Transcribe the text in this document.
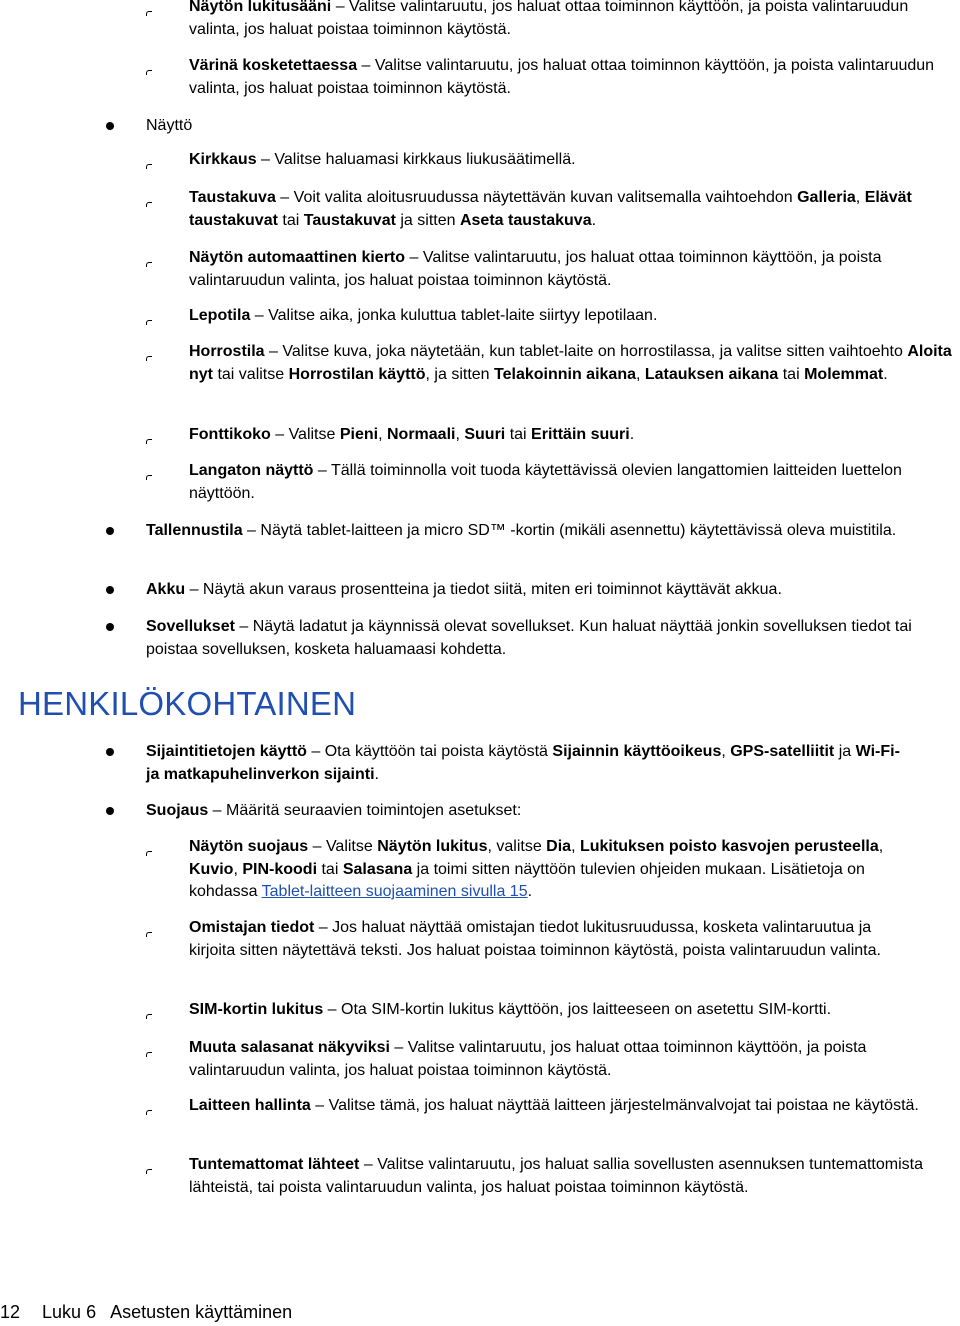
Näytön lukitusääni – Valitse valintaruutu, jos haluat ottaa toiminnon käyttöön, ja poista valintaruudun valinta, jos haluat poistaa toiminnon käytöstä.

Värinä kosketettaessa – Valitse valintaruutu, jos haluat ottaa toiminnon käyttöön, ja poista valintaruudun valinta, jos haluat poistaa toiminnon käytöstä.

Näyttö

Kirkkaus – Valitse haluamasi kirkkaus liukusäätimellä.

Taustakuva – Voit valita aloitusruudussa näytettävän kuvan valitsemalla vaihtoehdon Galleria, Elävät taustakuvat tai Taustakuvat ja sitten Aseta taustakuva.

Näytön automaattinen kierto – Valitse valintaruutu, jos haluat ottaa toiminnon käyttöön, ja poista valintaruudun valinta, jos haluat poistaa toiminnon käytöstä.

Lepotila – Valitse aika, jonka kuluttua tablet-laite siirtyy lepotilaan.

Horrostila – Valitse kuva, joka näytetään, kun tablet-laite on horrostilassa, ja valitse sitten vaihtoehto Aloita nyt tai valitse Horrostilan käyttö, ja sitten Telakoinnin aikana, Latauksen aikana tai Molemmat.

Fonttikoko – Valitse Pieni, Normaali, Suuri tai Erittäin suuri.

Langaton näyttö – Tällä toiminnolla voit tuoda käytettävissä olevien langattomien laitteiden luettelon näyttöön.

Tallennustila – Näytä tablet-laitteen ja micro SD™ -kortin (mikäli asennettu) käytettävissä oleva muistitila.

Akku – Näytä akun varaus prosentteina ja tiedot siitä, miten eri toiminnot käyttävät akkua.

Sovellukset – Näytä ladatut ja käynnissä olevat sovellukset. Kun haluat näyttää jonkin sovelluksen tiedot tai poistaa sovelluksen, kosketa haluamaasi kohdetta.

HENKILÖKOHTAINEN

Sijaintitietojen käyttö – Ota käyttöön tai poista käytöstä Sijainnin käyttöoikeus, GPS-satelliitit ja Wi-Fi- ja matkapuhelinverkon sijainti.

Suojaus – Määritä seuraavien toimintojen asetukset:

Näytön suojaus – Valitse Näytön lukitus, valitse Dia, Lukituksen poisto kasvojen perusteella, Kuvio, PIN-koodi tai Salasana ja toimi sitten näyttöön tulevien ohjeiden mukaan. Lisätietoja on kohdassa Tablet-laitteen suojaaminen sivulla 15.

Omistajan tiedot – Jos haluat näyttää omistajan tiedot lukitusruudussa, kosketa valintaruutua ja kirjoita sitten näytettävä teksti. Jos haluat poistaa toiminnon käytöstä, poista valintaruudun valinta.

SIM-kortin lukitus – Ota SIM-kortin lukitus käyttöön, jos laitteeseen on asetettu SIM-kortti.

Muuta salasanat näkyviksi – Valitse valintaruutu, jos haluat ottaa toiminnon käyttöön, ja poista valintaruudun valinta, jos haluat poistaa toiminnon käytöstä.

Laitteen hallinta – Valitse tämä, jos haluat näyttää laitteen järjestelmänvalvojat tai poistaa ne käytöstä.

Tuntemattomat lähteet – Valitse valintaruutu, jos haluat sallia sovellusten asennuksen tuntemattomista lähteistä, tai poista valintaruudun valinta, jos haluat poistaa toiminnon käytöstä.

12 Luku 6 Asetusten käyttäminen
